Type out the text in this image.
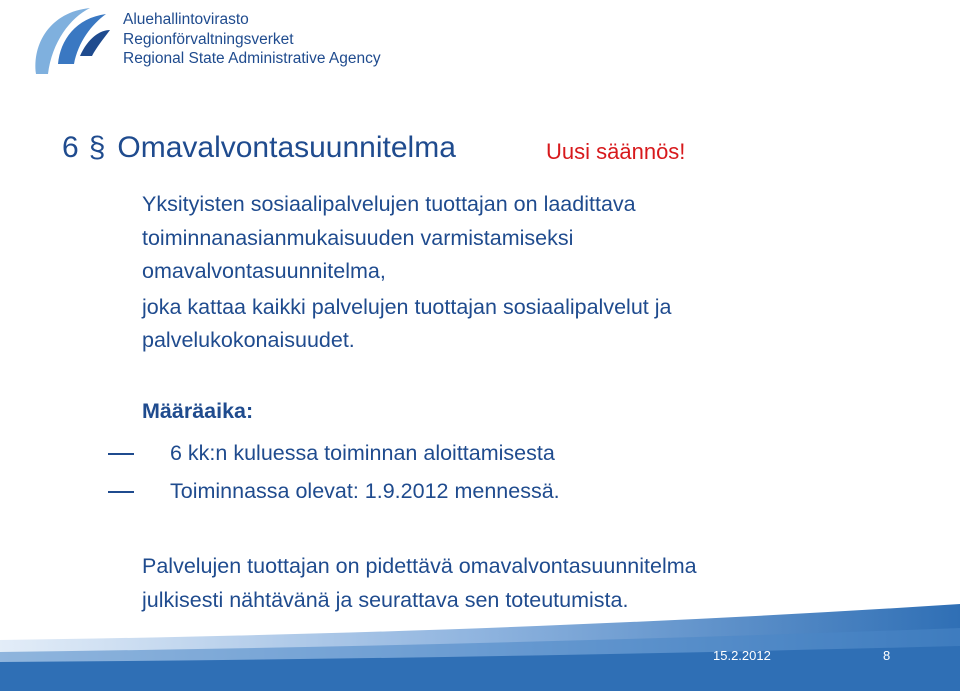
Aluehallintovirasto
Regionförvaltningsverket
Regional State Administrative Agency
6 § Omavalvontasuunnitelma	Uusi säännös!
Yksityisten sosiaalipalvelujen tuottajan on laadittava
toiminnanasianmukaisuuden varmistamiseksi
omavalvontasuunnitelma,
joka kattaa kaikki palvelujen tuottajan sosiaalipalvelut ja
palvelukokonaisuudet.
Määräaika:
6 kk:n kuluessa toiminnan aloittamisesta
Toiminnassa olevat: 1.9.2012 mennessä.
Palvelujen tuottajan on pidettävä omavalvontasuunnitelma
julkisesti nähtävänä ja seurattava sen toteutumista.
15.2.2012	8
